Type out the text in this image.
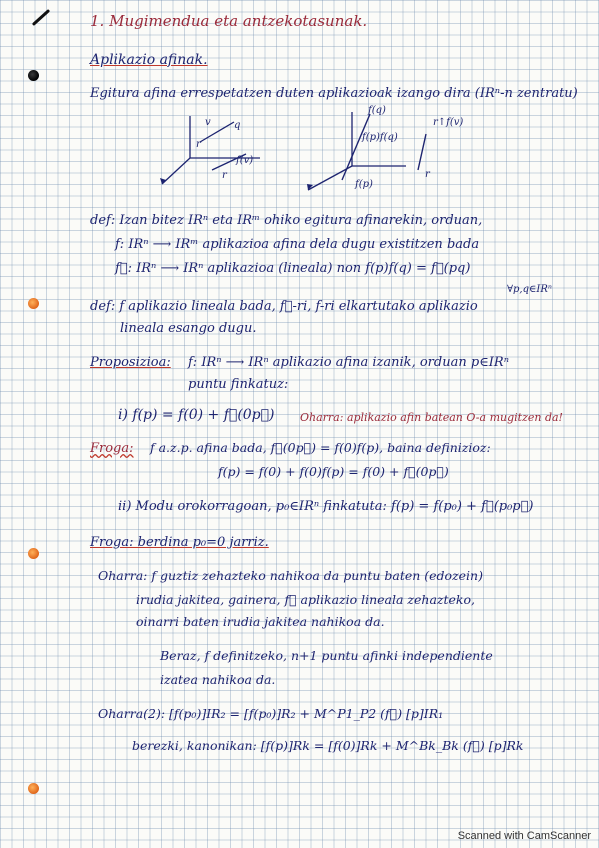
1. Mugimendua eta antzekotasunak.
Aplikazio afinak.
Egitura afina errespetatzen duten aplikazioak izango dira (IRⁿ-n zentratu)
v q
r
f(v)
r
f(q)
f(p)f(q)
f(p)
r↑f(v)
r
def: Izan bitez IRⁿ eta IRᵐ ohiko egitura afinarekin, orduan,
f: IRⁿ ⟶ IRᵐ aplikazioa afina dela dugu existitzen bada
f⃗: IRⁿ ⟶ IRⁿ aplikazioa (lineala) non f(p)f(q) = f⃗(pq)
∀p,q∈IRⁿ
def: f aplikazio lineala bada, f⃗-ri, f-ri elkartutako aplikazio
lineala esango dugu.
Proposizioa: f: IRⁿ ⟶ IRⁿ aplikazio afina izanik, orduan p∈IRⁿ
puntu finkatuz:
i) f(p) = f(0) + f⃗(0p⃗) Oharra: aplikazio afin batean O-a mugitzen da!
Froga: f a.z.p. afina bada, f⃗(0p⃗) = f(0)f(p), baina definizioz:
f(p) = f(0) + f(0)f(p) = f(0) + f⃗(0p⃗)
ii) Modu orokorragoan, p₀∈IRⁿ finkatuta: f(p) = f(p₀) + f⃗(p₀p⃗)
Froga: berdina p₀=0 jarriz.
Oharra: f guztiz zehazteko nahikoa da puntu baten (edozein)
irudia jakitea, gainera, f⃗ aplikazio lineala zehazteko,
oinarri baten irudia jakitea nahikoa da.
Beraz, f definitzeko, n+1 puntu afinki independiente
izatea nahikoa da.
Oharra(2): [f(p₀)]IR₂ = [f(p₀)]R₂ + M^P1_P2 (f⃗) [p]IR₁
berezki, kanonikan: [f(p)]Rk = [f(0)]Rk + M^Bk_Bk (f⃗) [p]Rk
Scanned with CamScanner
